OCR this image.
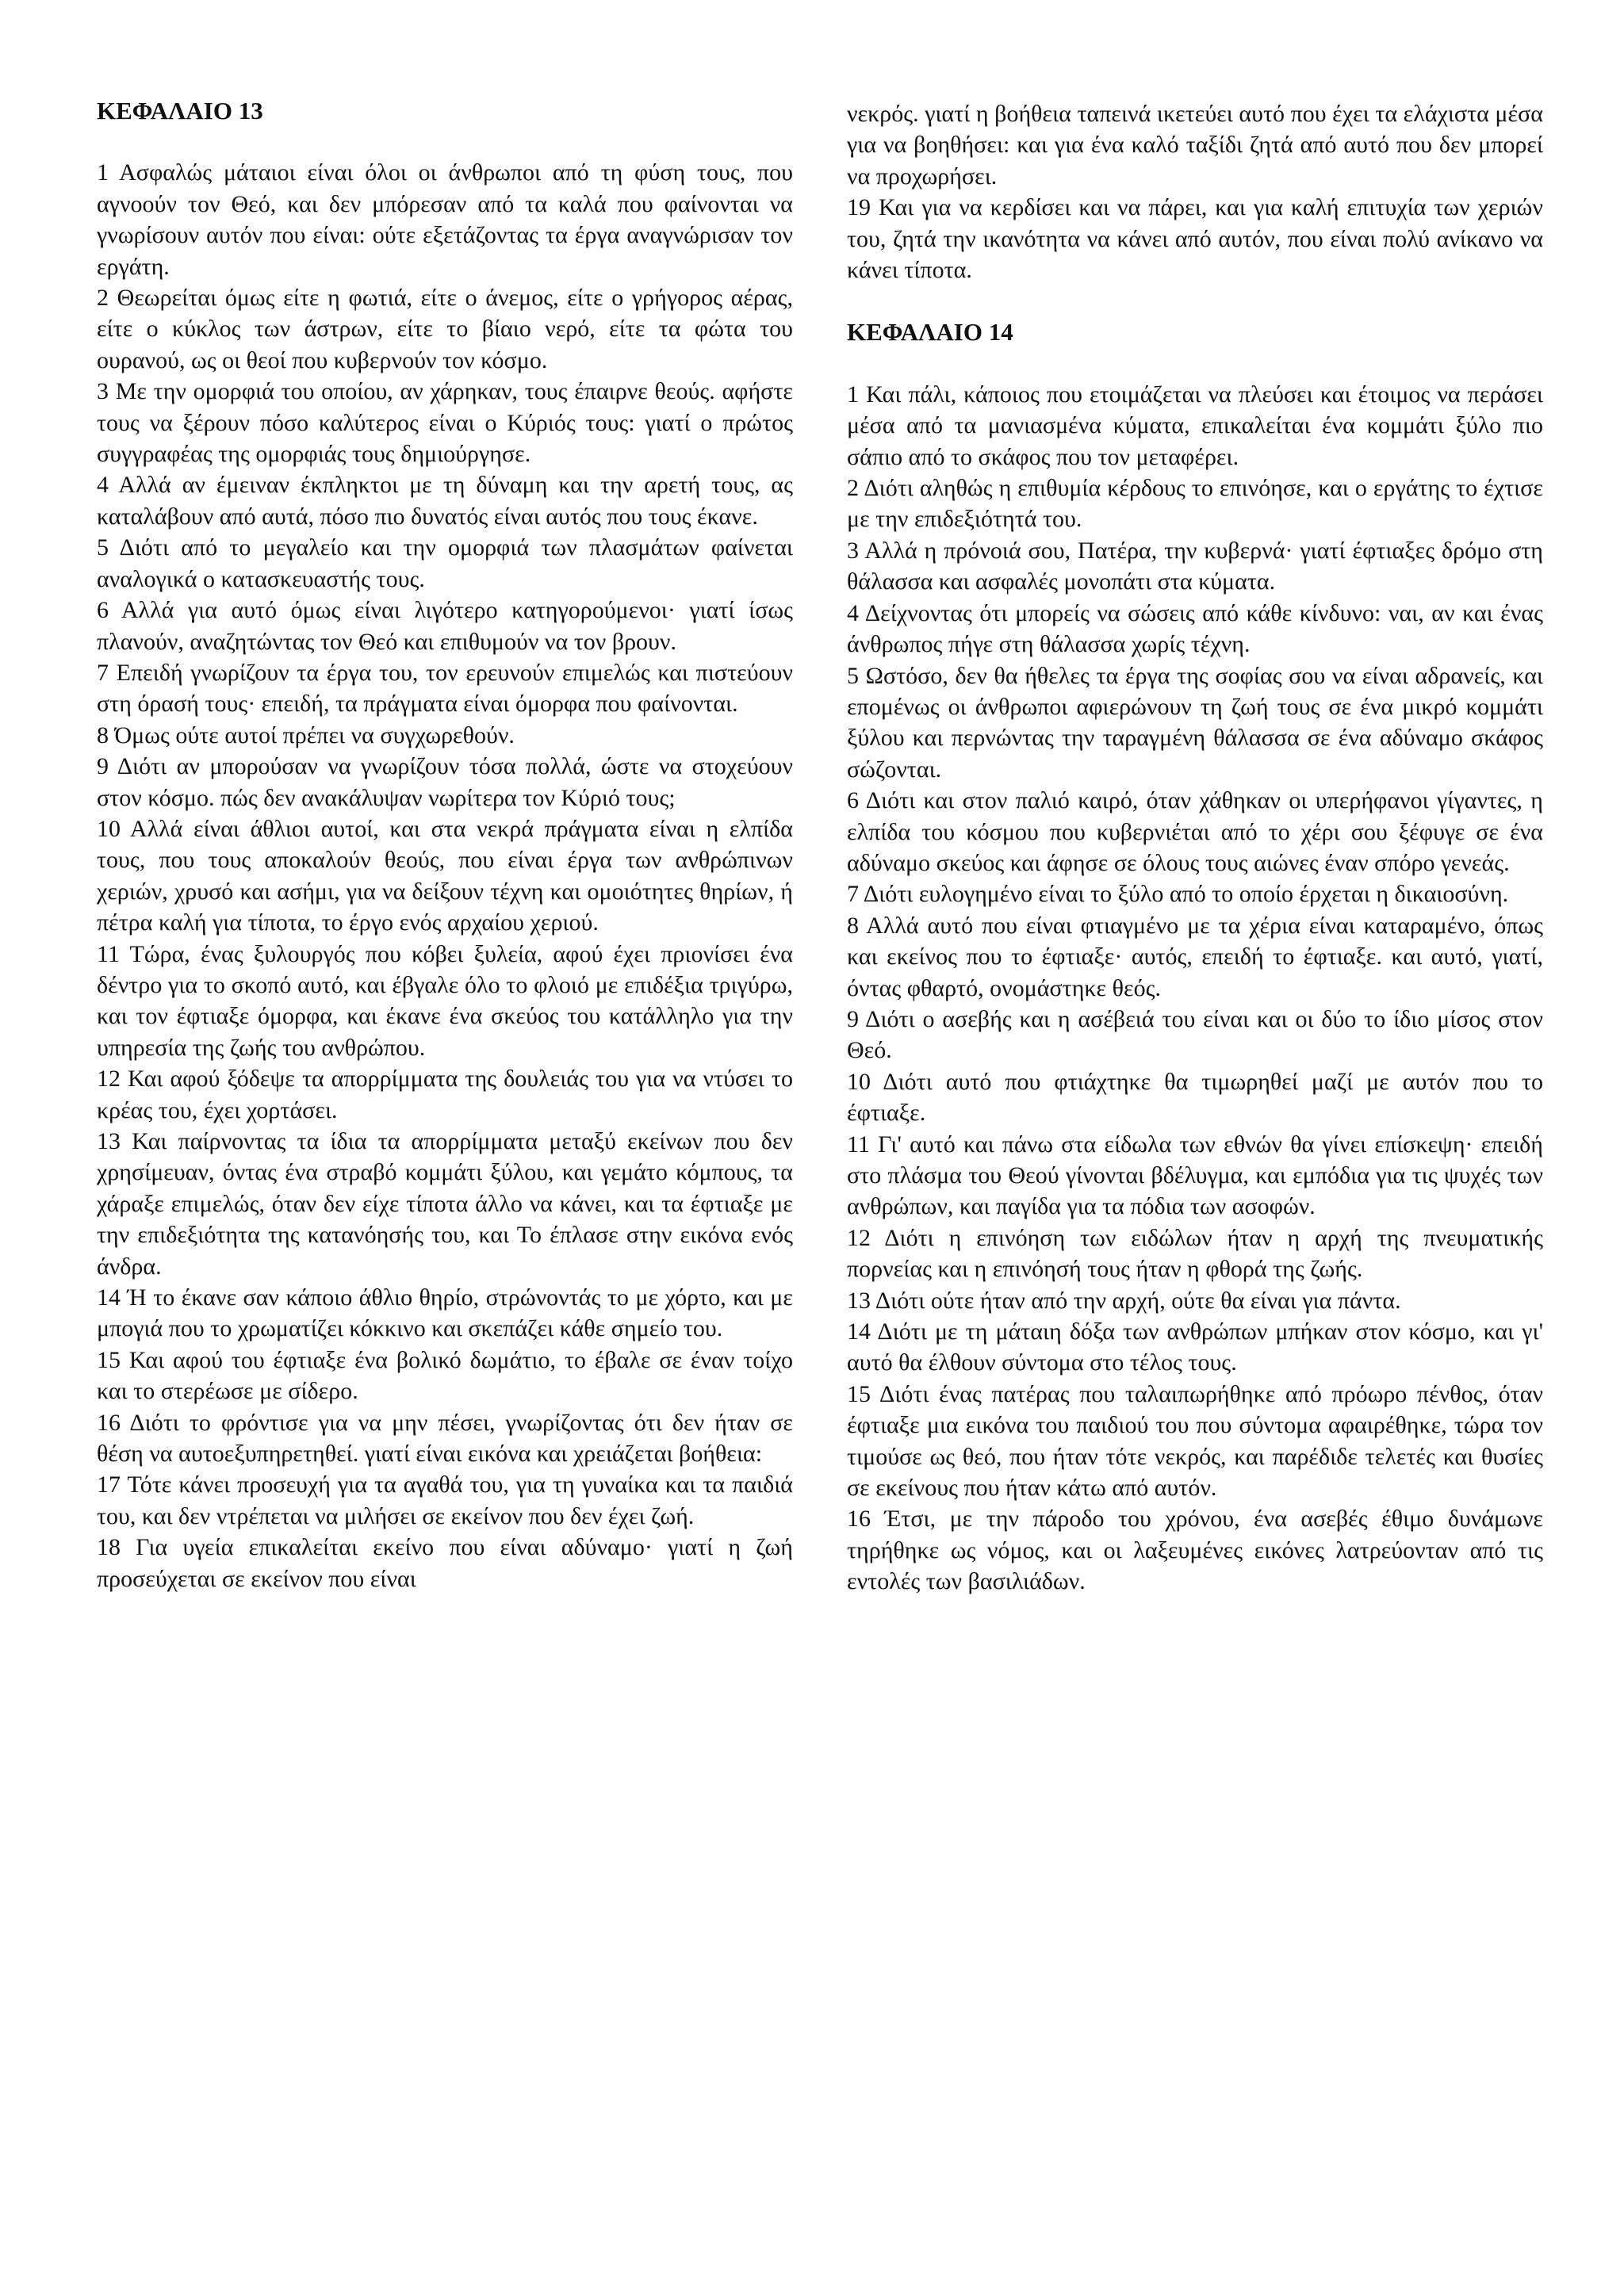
ΚΕΦΑΛΑΙΟ 13

1 Ασφαλώς μάταιοι είναι όλοι οι άνθρωποι από τη φύση τους, που αγνοούν τον Θεό, και δεν μπόρεσαν από τα καλά που φαίνονται να γνωρίσουν αυτόν που είναι: ούτε εξετάζοντας τα έργα αναγνώρισαν τον εργάτη.

2 Θεωρείται όμως είτε η φωτιά, είτε ο άνεμος, είτε ο γρήγορος αέρας, είτε ο κύκλος των άστρων, είτε το βίαιο νερό, είτε τα φώτα του ουρανού, ως οι θεοί που κυβερνούν τον κόσμο.

3 Με την ομορφιά του οποίου, αν χάρηκαν, τους έπαιρνε θεούς. αφήστε τους να ξέρουν πόσο καλύτερος είναι ο Κύριός τους: γιατί ο πρώτος συγγραφέας της ομορφιάς τους δημιούργησε.

4 Αλλά αν έμειναν έκπληκτοι με τη δύναμη και την αρετή τους, ας καταλάβουν από αυτά, πόσο πιο δυνατός είναι αυτός που τους έκανε.

5 Διότι από το μεγαλείο και την ομορφιά των πλασμάτων φαίνεται αναλογικά ο κατασκευαστής τους.

6 Αλλά για αυτό όμως είναι λιγότερο κατηγορούμενοι· γιατί ίσως πλανούν, αναζητώντας τον Θεό και επιθυμούν να τον βρουν.

7 Επειδή γνωρίζουν τα έργα του, τον ερευνούν επιμελώς και πιστεύουν στη όρασή τους· επειδή, τα πράγματα είναι όμορφα που φαίνονται.

8 Όμως ούτε αυτοί πρέπει να συγχωρεθούν.

9 Διότι αν μπορούσαν να γνωρίζουν τόσα πολλά, ώστε να στοχεύουν στον κόσμο. πώς δεν ανακάλυψαν νωρίτερα τον Κύριό τους;

10 Αλλά είναι άθλιοι αυτοί, και στα νεκρά πράγματα είναι η ελπίδα τους, που τους αποκαλούν θεούς, που είναι έργα των ανθρώπινων χεριών, χρυσό και ασήμι, για να δείξουν τέχνη και ομοιότητες θηρίων, ή πέτρα καλή για τίποτα, το έργο ενός αρχαίου χεριού.

11 Τώρα, ένας ξυλουργός που κόβει ξυλεία, αφού έχει πριονίσει ένα δέντρο για το σκοπό αυτό, και έβγαλε όλο το φλοιό με επιδέξια τριγύρω, και τον έφτιαξε όμορφα, και έκανε ένα σκεύος του κατάλληλο για την υπηρεσία της ζωής του ανθρώπου.

12 Και αφού ξόδεψε τα απορρίμματα της δουλειάς του για να ντύσει το κρέας του, έχει χορτάσει.

13 Και παίρνοντας τα ίδια τα απορρίμματα μεταξύ εκείνων που δεν χρησίμευαν, όντας ένα στραβό κομμάτι ξύλου, και γεμάτο κόμπους, τα χάραξε επιμελώς, όταν δεν είχε τίποτα άλλο να κάνει, και τα έφτιαξε με την επιδεξιότητα της κατανόησής του, και Το έπλασε στην εικόνα ενός άνδρα.

14 Ή το έκανε σαν κάποιο άθλιο θηρίο, στρώνοντάς το με χόρτο, και με μπογιά που το χρωματίζει κόκκινο και σκεπάζει κάθε σημείο του.

15 Και αφού του έφτιαξε ένα βολικό δωμάτιο, το έβαλε σε έναν τοίχο και το στερέωσε με σίδερο.

16 Διότι το φρόντισε για να μην πέσει, γνωρίζοντας ότι δεν ήταν σε θέση να αυτοεξυπηρετηθεί. γιατί είναι εικόνα και χρειάζεται βοήθεια:

17 Τότε κάνει προσευχή για τα αγαθά του, για τη γυναίκα και τα παιδιά του, και δεν ντρέπεται να μιλήσει σε εκείνον που δεν έχει ζωή.

18 Για υγεία επικαλείται εκείνο που είναι αδύναμο· γιατί η ζωή προσεύχεται σε εκείνον που είναι

νεκρός. γιατί η βοήθεια ταπεινά ικετεύει αυτό που έχει τα ελάχιστα μέσα για να βοηθήσει: και για ένα καλό ταξίδι ζητά από αυτό που δεν μπορεί να προχωρήσει.

19 Και για να κερδίσει και να πάρει, και για καλή επιτυχία των χεριών του, ζητά την ικανότητα να κάνει από αυτόν, που είναι πολύ ανίκανο να κάνει τίποτα.

ΚΕΦΑΛΑΙΟ 14

1 Και πάλι, κάποιος που ετοιμάζεται να πλεύσει και έτοιμος να περάσει μέσα από τα μανιασμένα κύματα, επικαλείται ένα κομμάτι ξύλο πιο σάπιο από το σκάφος που τον μεταφέρει.

2 Διότι αληθώς η επιθυμία κέρδους το επινόησε, και ο εργάτης το έχτισε με την επιδεξιότητά του.

3 Αλλά η πρόνοιά σου, Πατέρα, την κυβερνά· γιατί έφτιαξες δρόμο στη θάλασσα και ασφαλές μονοπάτι στα κύματα.

4 Δείχνοντας ότι μπορείς να σώσεις από κάθε κίνδυνο: ναι, αν και ένας άνθρωπος πήγε στη θάλασσα χωρίς τέχνη.

5 Ωστόσο, δεν θα ήθελες τα έργα της σοφίας σου να είναι αδρανείς, και επομένως οι άνθρωποι αφιερώνουν τη ζωή τους σε ένα μικρό κομμάτι ξύλου και περνώντας την ταραγμένη θάλασσα σε ένα αδύναμο σκάφος σώζονται.

6 Διότι και στον παλιό καιρό, όταν χάθηκαν οι υπερήφανοι γίγαντες, η ελπίδα του κόσμου που κυβερνιέται από το χέρι σου ξέφυγε σε ένα αδύναμο σκεύος και άφησε σε όλους τους αιώνες έναν σπόρο γενεάς.

7 Διότι ευλογημένο είναι το ξύλο από το οποίο έρχεται η δικαιοσύνη.

8 Αλλά αυτό που είναι φτιαγμένο με τα χέρια είναι καταραμένο, όπως και εκείνος που το έφτιαξε· αυτός, επειδή το έφτιαξε. και αυτό, γιατί, όντας φθαρτό, ονομάστηκε θεός.

9 Διότι ο ασεβής και η ασέβειά του είναι και οι δύο το ίδιο μίσος στον Θεό.

10 Διότι αυτό που φτιάχτηκε θα τιμωρηθεί μαζί με αυτόν που το έφτιαξε.

11 Γι' αυτό και πάνω στα είδωλα των εθνών θα γίνει επίσκεψη· επειδή στο πλάσμα του Θεού γίνονται βδέλυγμα, και εμπόδια για τις ψυχές των ανθρώπων, και παγίδα για τα πόδια των ασοφών.

12 Διότι η επινόηση των ειδώλων ήταν η αρχή της πνευματικής πορνείας και η επινόησή τους ήταν η φθορά της ζωής.

13 Διότι ούτε ήταν από την αρχή, ούτε θα είναι για πάντα.

14 Διότι με τη μάταιη δόξα των ανθρώπων μπήκαν στον κόσμο, και γι' αυτό θα έλθουν σύντομα στο τέλος τους.

15 Διότι ένας πατέρας που ταλαιπωρήθηκε από πρόωρο πένθος, όταν έφτιαξε μια εικόνα του παιδιού του που σύντομα αφαιρέθηκε, τώρα τον τιμούσε ως θεό, που ήταν τότε νεκρός, και παρέδιδε τελετές και θυσίες σε εκείνους που ήταν κάτω από αυτόν.

16 Έτσι, με την πάροδο του χρόνου, ένα ασεβές έθιμο δυνάμωνε τηρήθηκε ως νόμος, και οι λαξευμένες εικόνες λατρεύονταν από τις εντολές των βασιλιάδων.
